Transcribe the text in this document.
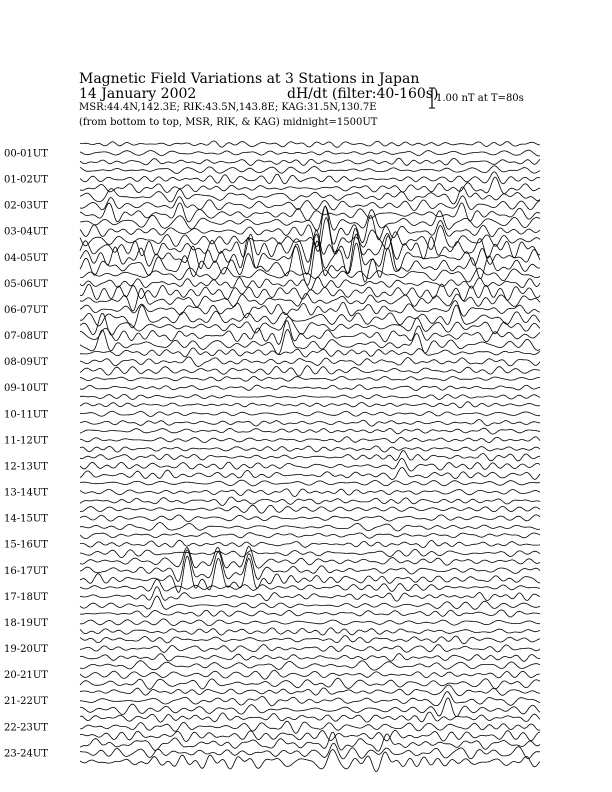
Magnetic Field Variations at 3 Stations in Japan
14 January 2002	dH/dt (filter:40-160s)
MSR:44.4N,142.3E; RIK:43.5N,143.8E; KAG:31.5N,130.7E
(from bottom to top, MSR, RIK, & KAG) midnight=1500UT
1.00 nT at T=80s
00-01UT
01-02UT
02-03UT
03-04UT
04-05UT
05-06UT
06-07UT
07-08UT
08-09UT
09-10UT
10-11UT
11-12UT
12-13UT
13-14UT
14-15UT
15-16UT
16-17UT
17-18UT
18-19UT
19-20UT
20-21UT
21-22UT
22-23UT
23-24UT
